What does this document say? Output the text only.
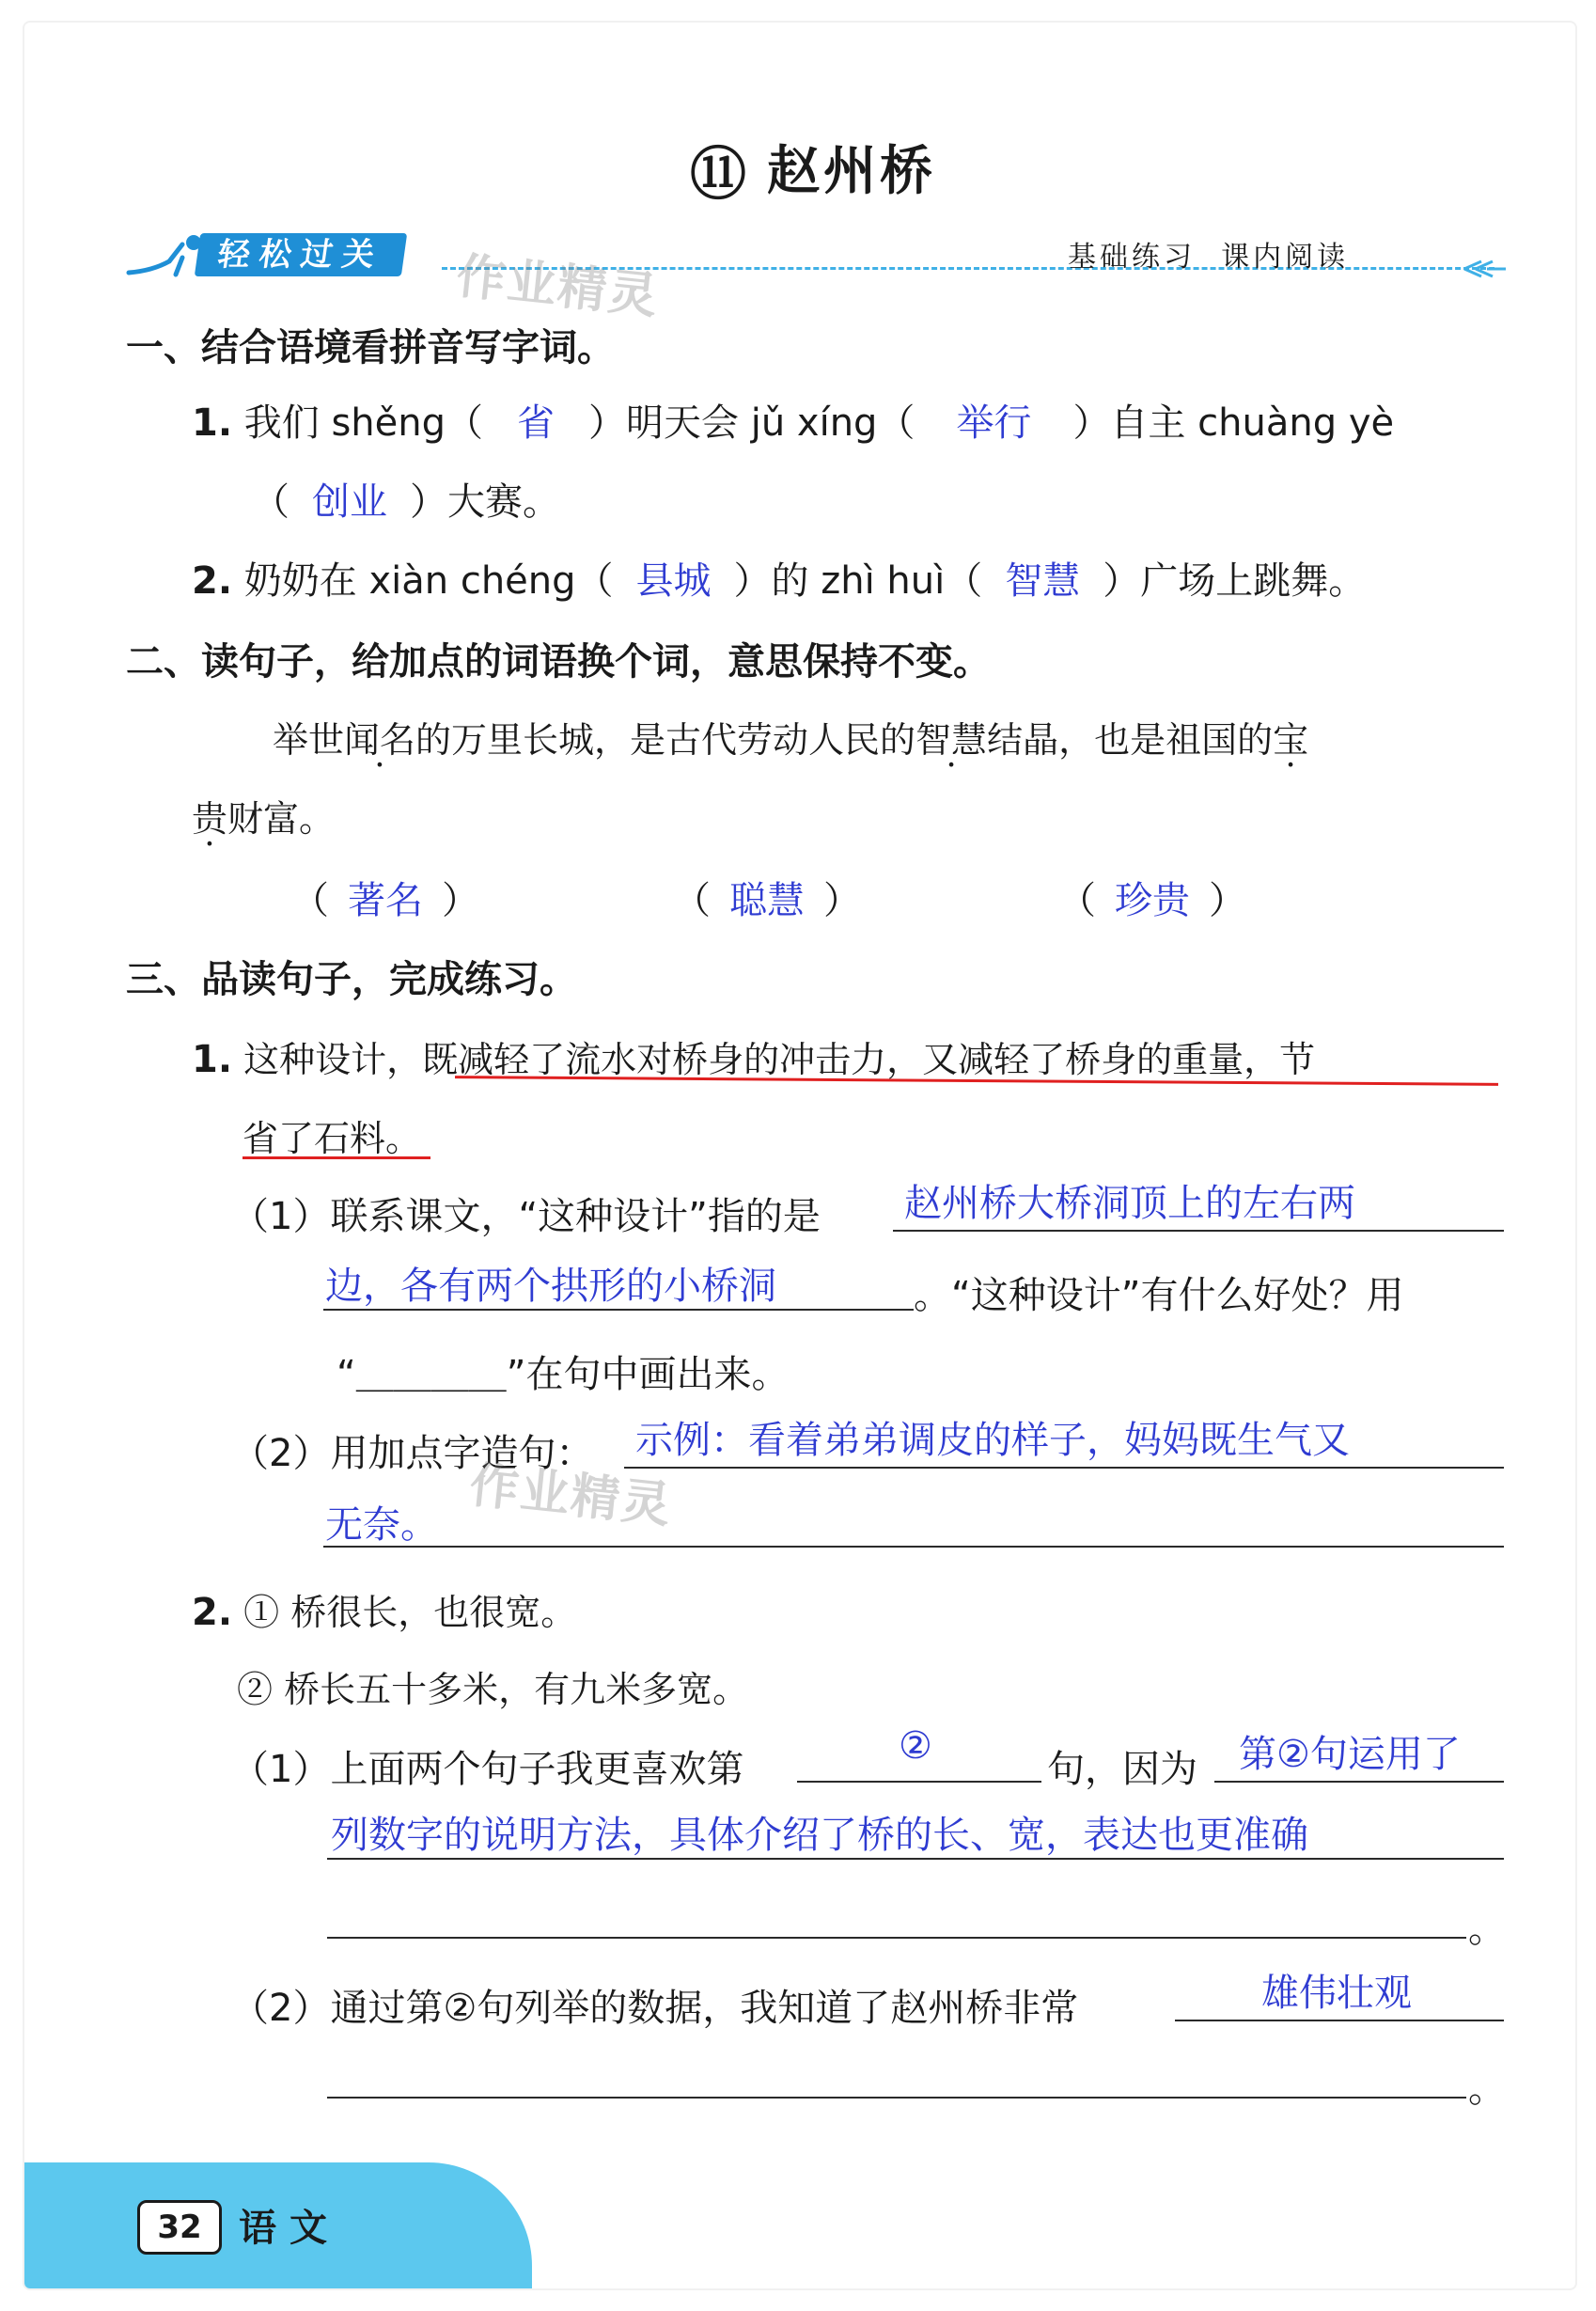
⑪ 赵州桥
轻松过关	基础练习  课内阅读
作业精灵
一、结合语境看拼音写字词。
1. 我们 shěng（ 省 ）明天会 jǔ xíng（ 举行 ）自主 chuàng yè
（ 创业 ）大赛。
2. 奶奶在 xiàn chéng（ 县城 ）的 zhì huì（ 智慧 ）广场上跳舞。
二、读句子，给加点的词语换个词，意思保持不变。
举世闻名的万里长城，是古代劳动人民的智慧结晶，也是祖国的宝
贵财富。
（ 著名 ）	（ 聪慧 ）	（ 珍贵 ）
三、品读句子，完成练习。
1. 这种设计，既减轻了流水对桥身的冲击力，又减轻了桥身的重量，节
省了石料。
（1）联系课文，“这种设计”指的是 赵州桥大桥洞顶上的左右两
边，各有两个拱形的小桥洞	。“这种设计”有什么好处？用
“＿＿＿＿”在句中画出来。
（2）用加点字造句： 示例：看着弟弟调皮的样子，妈妈既生气又
无奈。 作业精灵
2. ① 桥很长，也很宽。
② 桥长五十多米，有九米多宽。
（1）上面两个句子我更喜欢第
②
句，因为 第②句运用了
列数字的说明方法，具体介绍了桥的长、宽，表达也更准确
。
（2）通过第②句列举的数据，我知道了赵州桥非常	雄伟壮观
。
32 语文
